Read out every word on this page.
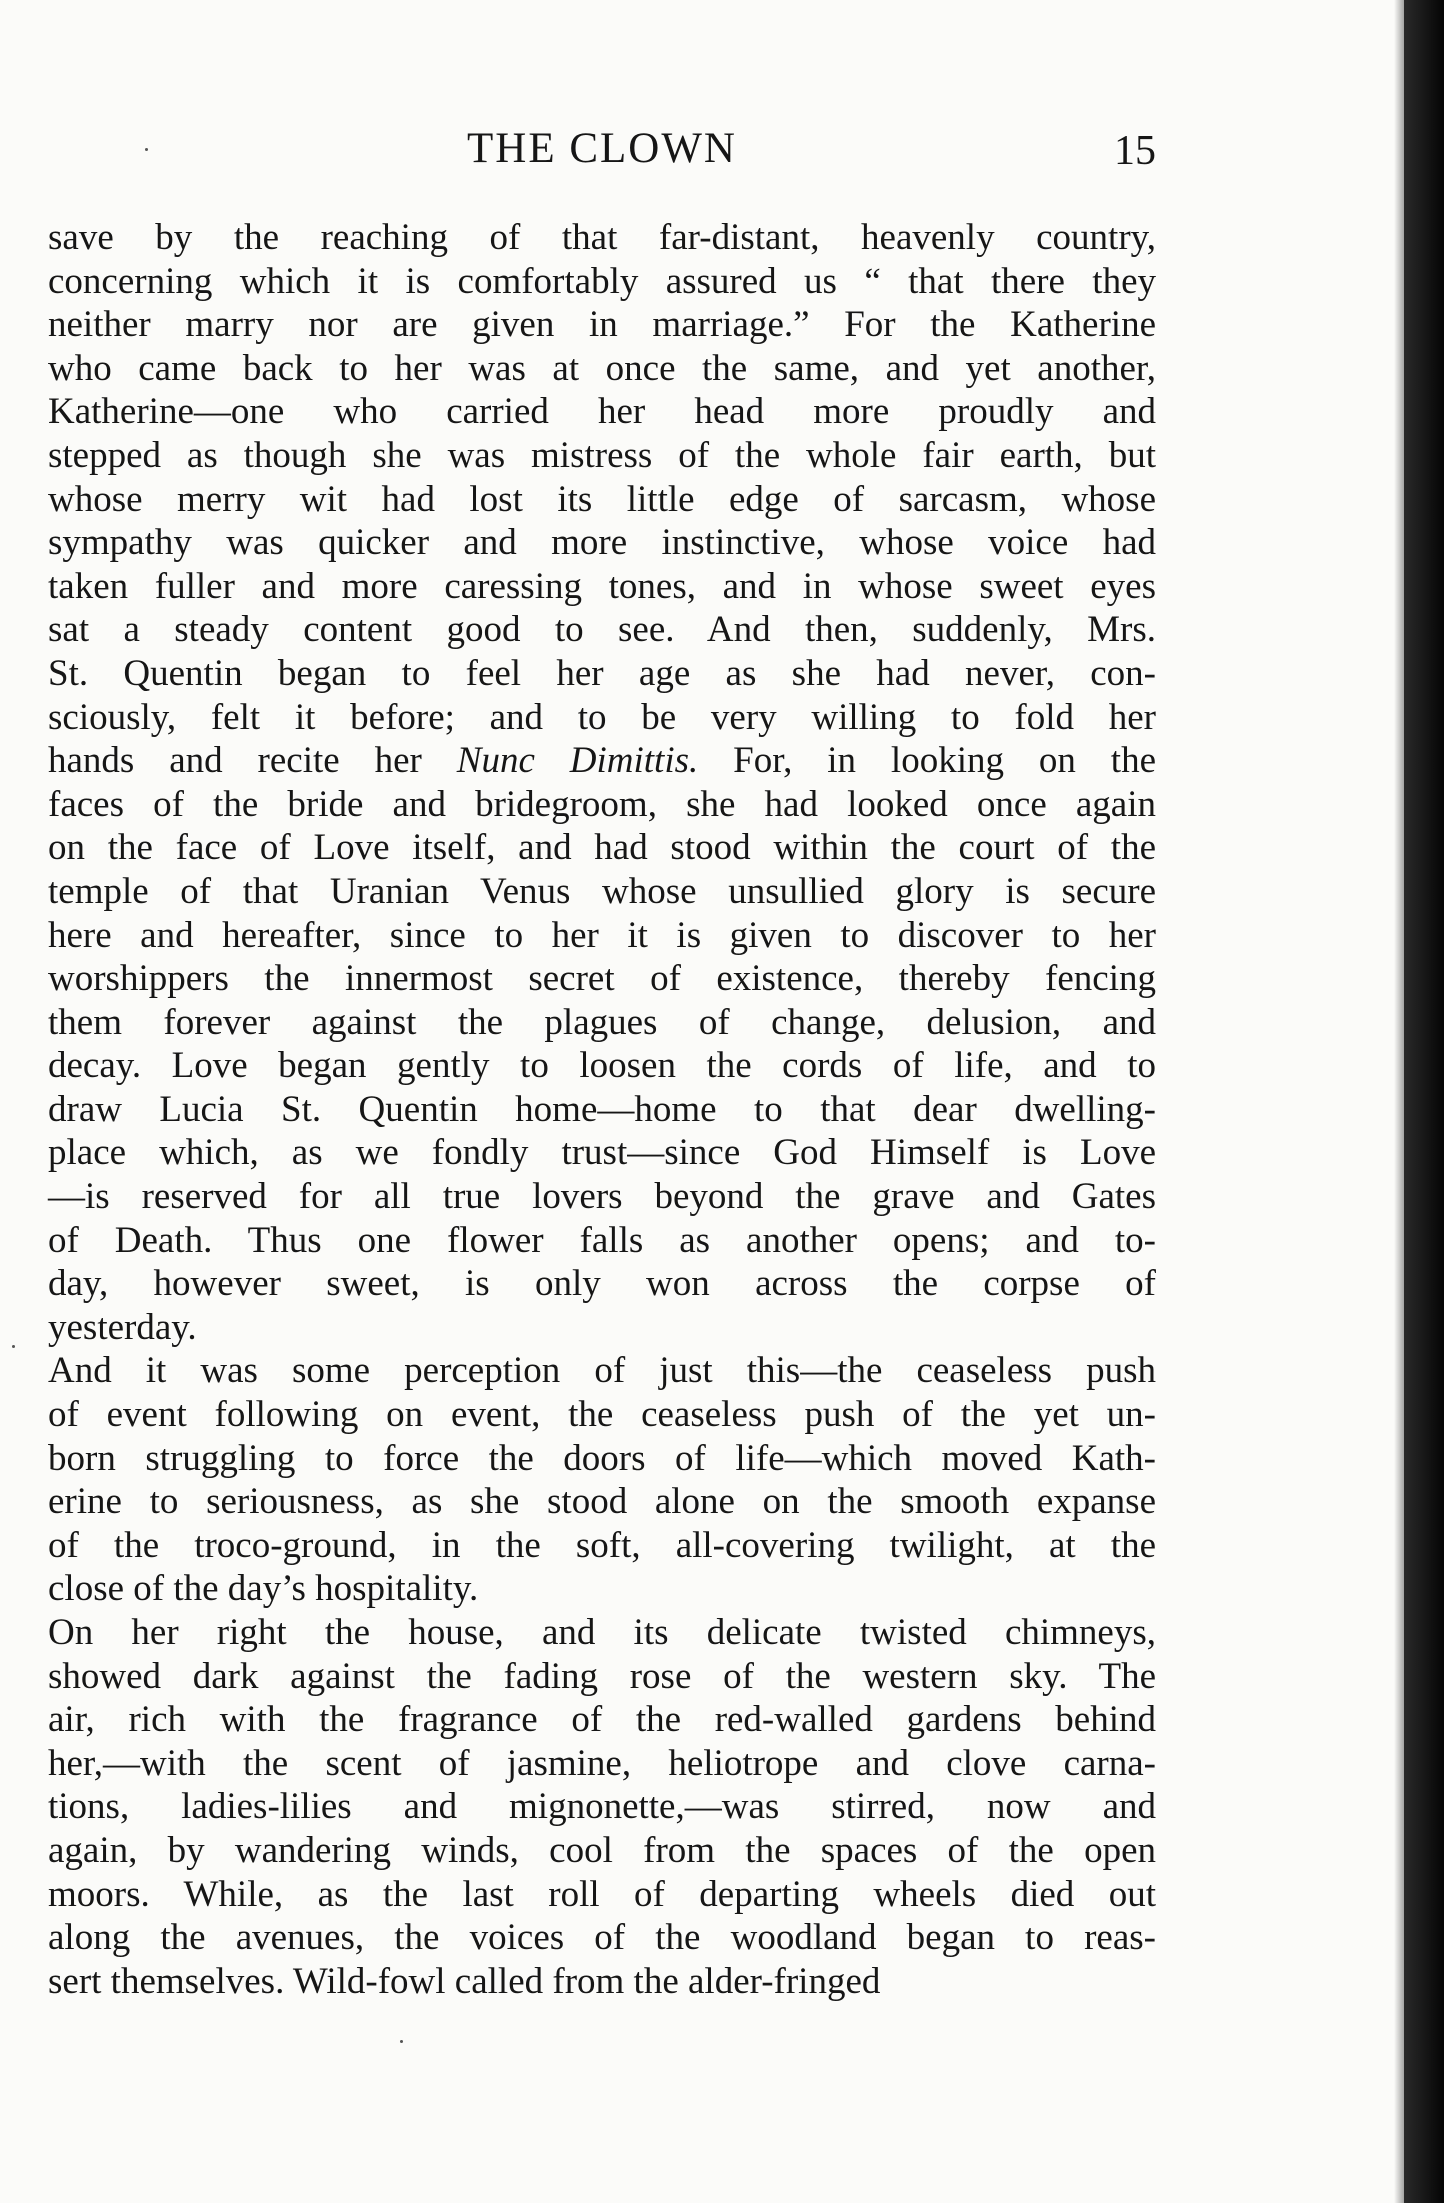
THE CLOWN	15
save by the reaching of that far-distant, heavenly country,
concerning which it is comfortably assured us “ that there they
neither marry nor are given in marriage.” For the Katherine
who came back to her was at once the same, and yet another,
Katherine—one who carried her head more proudly and
stepped as though she was mistress of the whole fair earth, but
whose merry wit had lost its little edge of sarcasm, whose
sympathy was quicker and more instinctive, whose voice had
taken fuller and more caressing tones, and in whose sweet eyes
sat a steady content good to see. And then, suddenly, Mrs.
St. Quentin began to feel her age as she had never, con-
sciously, felt it before; and to be very willing to fold her
hands and recite her Nunc Dimittis. For, in looking on the
faces of the bride and bridegroom, she had looked once again
on the face of Love itself, and had stood within the court of the
temple of that Uranian Venus whose unsullied glory is secure
here and hereafter, since to her it is given to discover to her
worshippers the innermost secret of existence, thereby fencing
them forever against the plagues of change, delusion, and
decay. Love began gently to loosen the cords of life, and to
draw Lucia St. Quentin home—home to that dear dwelling-
place which, as we fondly trust—since God Himself is Love
—is reserved for all true lovers beyond the grave and Gates
of Death. Thus one flower falls as another opens; and to-
day, however sweet, is only won across the corpse of
yesterday.
And it was some perception of just this—the ceaseless push
of event following on event, the ceaseless push of the yet un-
born struggling to force the doors of life—which moved Kath-
erine to seriousness, as she stood alone on the smooth expanse
of the troco-ground, in the soft, all-covering twilight, at the
close of the day’s hospitality.
On her right the house, and its delicate twisted chimneys,
showed dark against the fading rose of the western sky. The
air, rich with the fragrance of the red-walled gardens behind
her,—with the scent of jasmine, heliotrope and clove carna-
tions, ladies-lilies and mignonette,—was stirred, now and
again, by wandering winds, cool from the spaces of the open
moors. While, as the last roll of departing wheels died out
along the avenues, the voices of the woodland began to reas-
sert themselves. Wild-fowl called from the alder-fringed
